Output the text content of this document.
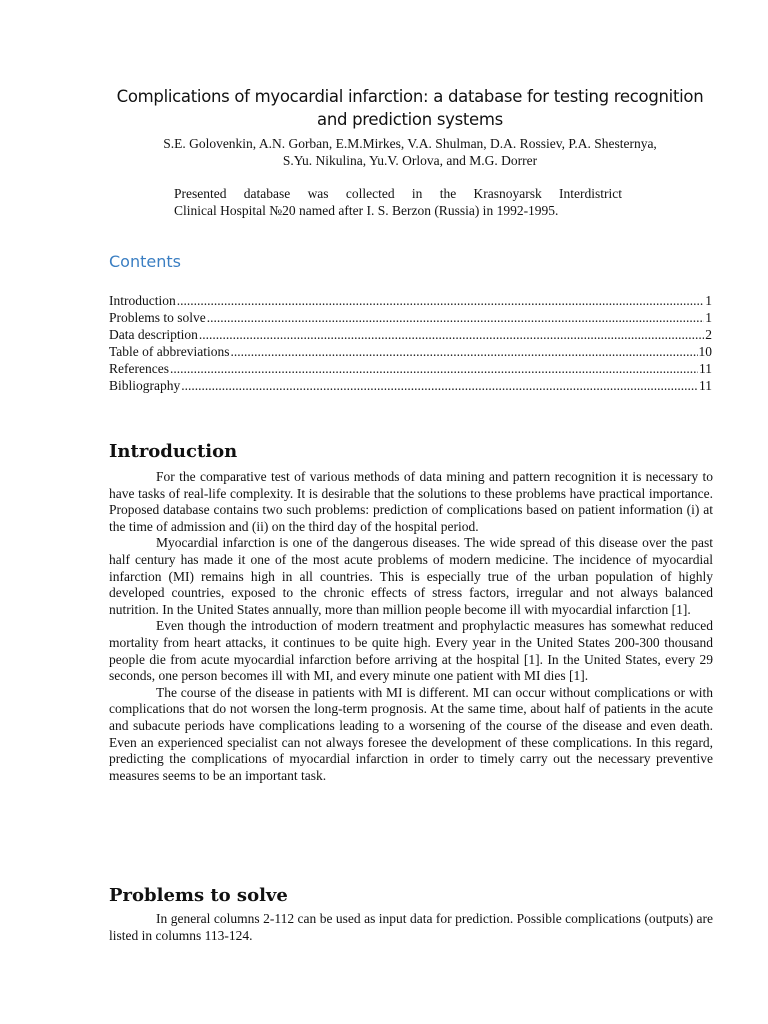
Complications of myocardial infarction: a database for testing recognition
and prediction systems
S.E. Golovenkin, A.N. Gorban, E.M.Mirkes, V.A. Shulman, D.A. Rossiev, P.A. Shesternya,
S.Yu. Nikulina, Yu.V. Orlova, and M.G. Dorrer

Presented database was collected in the Krasnoyarsk Interdistrict

Clinical Hospital №20 named after I. S. Berzon (Russia) in 1992-1995.

Contents
Introduction .....	1
Problems to solve .....	1
Data description .....	2
Table of abbreviations .....	10
References .....	11
Bibliography .....	11
Introduction

For the comparative test of various methods of data mining and pattern recognition it is necessary to have tasks of real-life complexity. It is desirable that the solutions to these problems have practical importance. Proposed database contains two such problems: prediction of complications based on patient information (i) at the time of admission and (ii) on the third day of the hospital period.

Myocardial infarction is one of the dangerous diseases. The wide spread of this disease over the past half century has made it one of the most acute problems of modern medicine. The incidence of myocardial infarction (MI) remains high in all countries. This is especially true of the urban population of highly developed countries, exposed to the chronic effects of stress factors, irregular and not always balanced nutrition. In the United States annually, more than million people become ill with myocardial infarction [1].

Even though the introduction of modern treatment and prophylactic measures has somewhat reduced mortality from heart attacks, it continues to be quite high. Every year in the United States 200-300 thousand people die from acute myocardial infarction before arriving at the hospital [1]. In the United States, every 29 seconds, one person becomes ill with MI, and every minute one patient with MI dies [1].

The course of the disease in patients with MI is different. MI can occur without complications or with complications that do not worsen the long-term prognosis. At the same time, about half of patients in the acute and subacute periods have complications leading to a worsening of the course of the disease and even death. Even an experienced specialist can not always foresee the development of these complications. In this regard, predicting the complications of myocardial infarction in order to timely carry out the necessary preventive measures seems to be an important task.

Problems to solve

In general columns 2-112 can be used as input data for prediction. Possible complications (outputs) are listed in columns 113-124.
